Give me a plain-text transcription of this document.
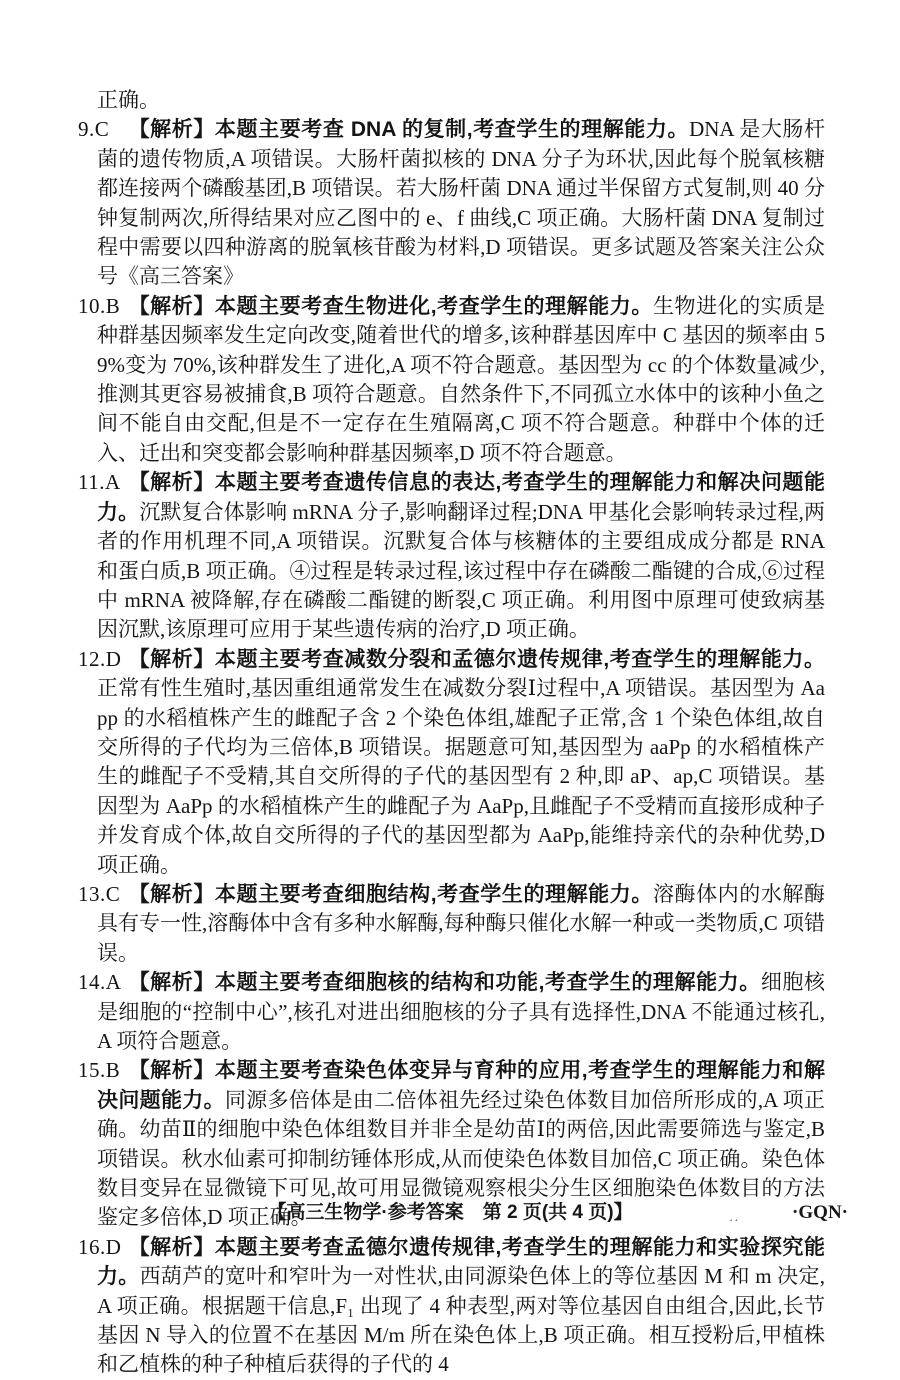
正确。
9.C 【解析】本题主要考查 DNA 的复制,考查学生的理解能力。DNA 是大肠杆菌的遗传物质,A 项错误。大肠杆菌拟核的 DNA 分子为环状,因此每个脱氧核糖都连接两个磷酸基团,B 项错误。若大肠杆菌 DNA 通过半保留方式复制,则 40 分钟复制两次,所得结果对应乙图中的 e、f 曲线,C 项正确。大肠杆菌 DNA 复制过程中需要以四种游离的脱氧核苷酸为材料,D 项错误。更多试题及答案关注公众号《高三答案》
10.B 【解析】本题主要考查生物进化,考查学生的理解能力。生物进化的实质是种群基因频率发生定向改变,随着世代的增多,该种群基因库中 C 基因的频率由 59%变为 70%,该种群发生了进化,A 项不符合题意。基因型为 cc 的个体数量减少,推测其更容易被捕食,B 项符合题意。自然条件下,不同孤立水体中的该种小鱼之间不能自由交配,但是不一定存在生殖隔离,C 项不符合题意。种群中个体的迁入、迁出和突变都会影响种群基因频率,D 项不符合题意。
11.A 【解析】本题主要考查遗传信息的表达,考查学生的理解能力和解决问题能力。沉默复合体影响 mRNA 分子,影响翻译过程;DNA 甲基化会影响转录过程,两者的作用机理不同,A 项错误。沉默复合体与核糖体的主要组成成分都是 RNA 和蛋白质,B 项正确。④过程是转录过程,该过程中存在磷酸二酯键的合成,⑥过程中 mRNA 被降解,存在磷酸二酯键的断裂,C 项正确。利用图中原理可使致病基因沉默,该原理可应用于某些遗传病的治疗,D 项正确。
12.D 【解析】本题主要考查减数分裂和孟德尔遗传规律,考查学生的理解能力。正常有性生殖时,基因重组通常发生在减数分裂Ⅰ过程中,A 项错误。基因型为 Aapp 的水稻植株产生的雌配子含 2 个染色体组,雄配子正常,含 1 个染色体组,故自交所得的子代均为三倍体,B 项错误。据题意可知,基因型为 aaPp 的水稻植株产生的雌配子不受精,其自交所得的子代的基因型有 2 种,即 aP、ap,C 项错误。基因型为 AaPp 的水稻植株产生的雌配子为 AaPp,且雌配子不受精而直接形成种子并发育成个体,故自交所得的子代的基因型都为 AaPp,能维持亲代的杂种优势,D 项正确。
13.C 【解析】本题主要考查细胞结构,考查学生的理解能力。溶酶体内的水解酶具有专一性,溶酶体中含有多种水解酶,每种酶只催化水解一种或一类物质,C 项错误。
14.A 【解析】本题主要考查细胞核的结构和功能,考查学生的理解能力。细胞核是细胞的“控制中心”,核孔对进出细胞核的分子具有选择性,DNA 不能通过核孔,A 项符合题意。
15.B 【解析】本题主要考查染色体变异与育种的应用,考查学生的理解能力和解决问题能力。同源多倍体是由二倍体祖先经过染色体数目加倍所形成的,A 项正确。幼苗Ⅱ的细胞中染色体组数目并非全是幼苗Ⅰ的两倍,因此需要筛选与鉴定,B 项错误。秋水仙素可抑制纺锤体形成,从而使染色体数目加倍,C 项正确。染色体数目变异在显微镜下可见,故可用显微镜观察根尖分生区细胞染色体数目的方法鉴定多倍体,D 项正确。
16.D 【解析】本题主要考查孟德尔遗传规律,考查学生的理解能力和实验探究能力。西葫芦的宽叶和窄叶为一对性状,由同源染色体上的等位基因 M 和 m 决定,A 项正确。根据题干信息,F₁ 出现了 4 种表型,两对等位基因自由组合,因此,长节基因 N 导入的位置不在基因 M/m 所在染色体上,B 项正确。相互授粉后,甲植株和乙植株的种子种植后获得的子代的 4
【高三生物学·参考答案　第 2 页(共 4 页)】	..	·GQN·
